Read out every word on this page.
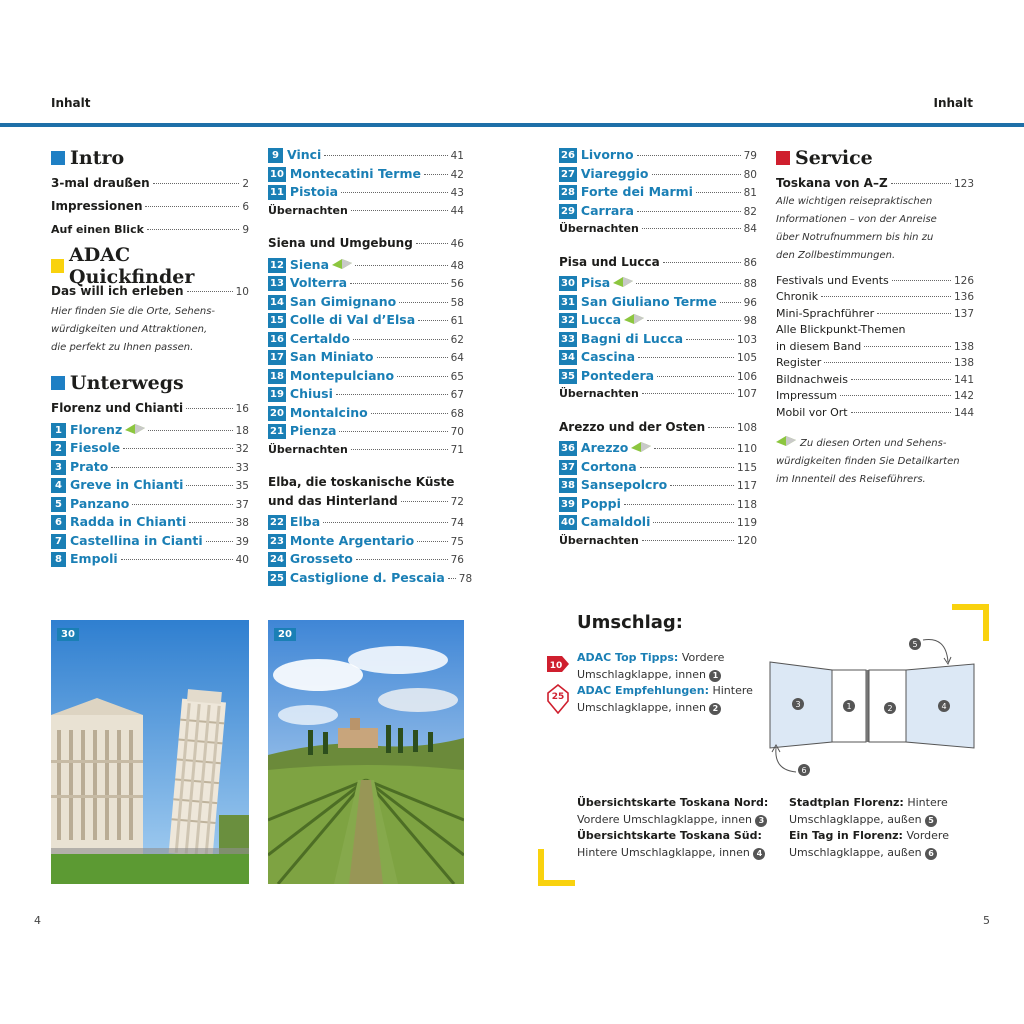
Inhalt	Inhalt
Intro
3-mal draußen	2
Impressionen	6
Auf einen Blick	9
ADAC Quickfinder
Das will ich erleben	10
Hier finden Sie die Orte, Sehens-
würdigkeiten und Attraktionen,
die perfekt zu Ihnen passen.
Unterwegs
Florenz und Chianti	16
1 Florenz	18
2 Fiesole	32
3 Prato	33
4 Greve in Chianti	35
5 Panzano	37
6 Radda in Chianti	38
7 Castellina in Cianti	39
8 Empoli	40
9 Vinci	41
10 Montecatini Terme	42
11 Pistoia	43
Übernachten	44
Siena und Umgebung	46
12 Siena	48
13 Volterra	56
14 San Gimignano	58
15 Colle di Val d’Elsa	61
16 Certaldo	62
17 San Miniato	64
18 Montepulciano	65
19 Chiusi	67
20 Montalcino	68
21 Pienza	70
Übernachten	71
Elba, die toskanische Küste
und das Hinterland	72
22 Elba	74
23 Monte Argentario	75
24 Grosseto	76
25 Castiglione d. Pescaia 78
26 Livorno	79
27 Viareggio	80
28 Forte dei Marmi	81
29 Carrara	82
Übernachten	84
Pisa und Lucca	86
30 Pisa	88
31 San Giuliano Terme	96
32 Lucca	98
33 Bagni di Lucca	103
34 Cascina	105
35 Pontedera	106
Übernachten	107
Arezzo und der Osten	108
36 Arezzo	110
37 Cortona	115
38 Sansepolcro	117
39 Poppi	118
40 Camaldoli	119
Übernachten	120
Service
Toskana von A–Z	123
Alle wichtigen reisepraktischen
Informationen – von der Anreise
über Notrufnummern bis hin zu
den Zollbestimmungen.
Festivals und Events	126
Chronik	136
Mini-Sprachführer	137
Alle Blickpunkt-Themen
in diesem Band	138
Register	138
Bildnachweis	141
Impressum	142
Mobil vor Ort	144
Zu diesen Orten und Sehens-
würdigkeiten finden Sie Detailkarten
im Innenteil des Reiseführers.
30	20
Umschlag:
10
ADAC Top Tipps: Vordere
Umschlagklappe, innen 1
25 ADAC Empfehlungen: Hintere
Umschlagklappe, innen 2	3	1	2	4
5
6
Übersichtskarte Toskana Nord:
Vordere Umschlagklappe, innen 3
Übersichtskarte Toskana Süd:
Hintere Umschlagklappe, innen 4
Stadtplan Florenz: Hintere
Umschlagklappe, außen 5
Ein Tag in Florenz: Vordere
Umschlagklappe, außen 6
4	5
